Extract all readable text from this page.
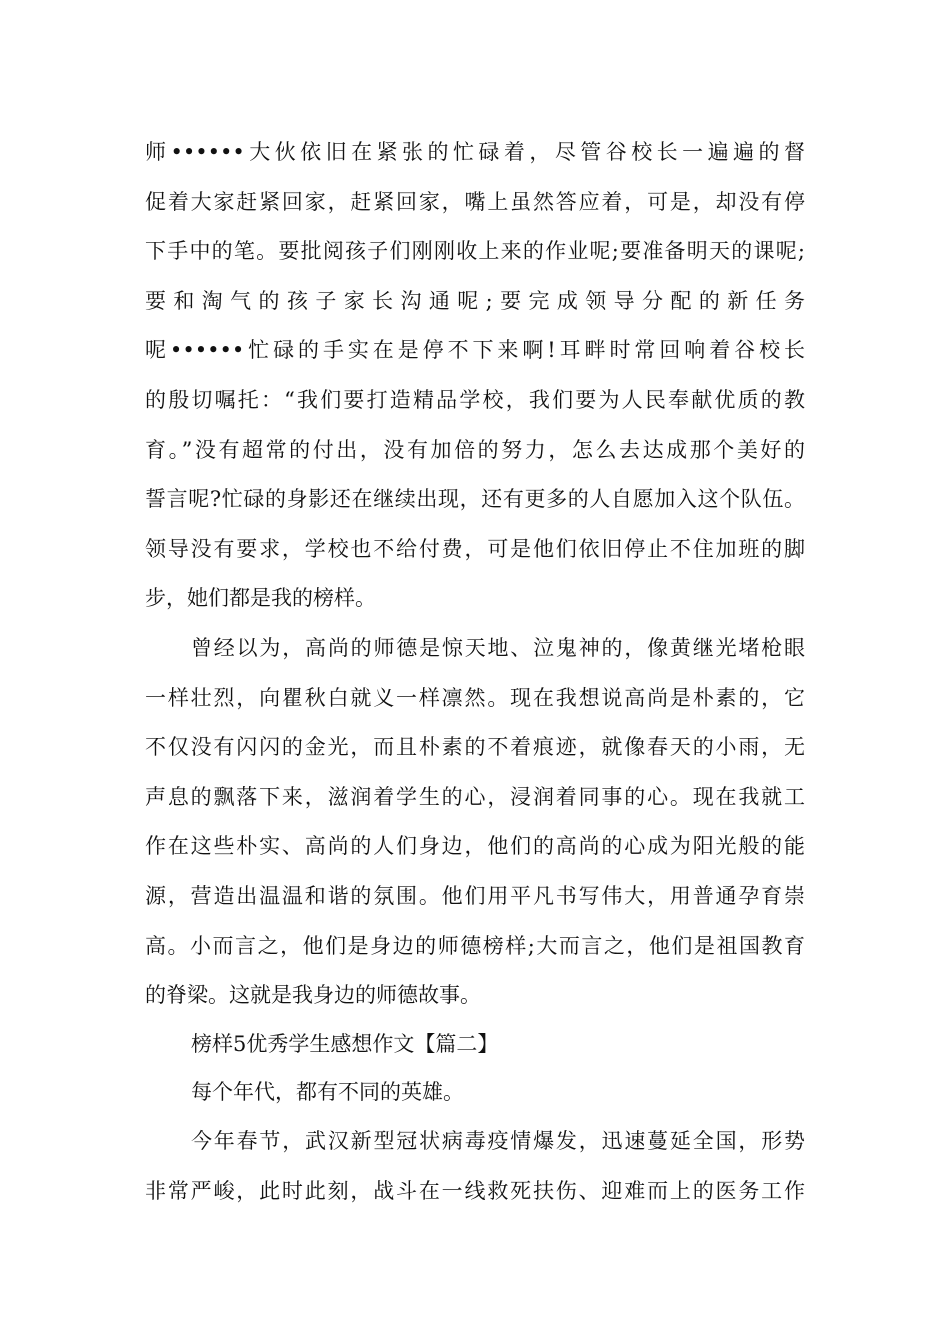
师••••••大伙依旧在紧张的忙碌着，尽管谷校长一遍遍的督
促着大家赶紧回家，赶紧回家，嘴上虽然答应着，可是，却没有停
下手中的笔。要批阅孩子们刚刚收上来的作业呢;要准备明天的课呢;
要和淘气的孩子家长沟通呢;要完成领导分配的新任务
呢••••••忙碌的手实在是停不下来啊!耳畔时常回响着谷校长
的殷切嘱托：“我们要打造精品学校，我们要为人民奉献优质的教
育。”没有超常的付出，没有加倍的努力，怎么去达成那个美好的
誓言呢?忙碌的身影还在继续出现，还有更多的人自愿加入这个队伍。
领导没有要求，学校也不给付费，可是他们依旧停止不住加班的脚
步，她们都是我的榜样。

曾经以为，高尚的师德是惊天地、泣鬼神的，像黄继光堵枪眼
一样壮烈，向瞿秋白就义一样凛然。现在我想说高尚是朴素的，它
不仅没有闪闪的金光，而且朴素的不着痕迹，就像春天的小雨，无
声息的飘落下来，滋润着学生的心，浸润着同事的心。现在我就工
作在这些朴实、高尚的人们身边，他们的高尚的心成为阳光般的能
源，营造出温温和谐的氛围。他们用平凡书写伟大，用普通孕育崇
高。小而言之，他们是身边的师德榜样;大而言之，他们是祖国教育
的脊梁。这就是我身边的师德故事。

榜样5优秀学生感想作文【篇二】

每个年代，都有不同的英雄。

今年春节，武汉新型冠状病毒疫情爆发，迅速蔓延全国，形势
非常严峻，此时此刻，战斗在一线救死扶伤、迎难而上的医务工作
